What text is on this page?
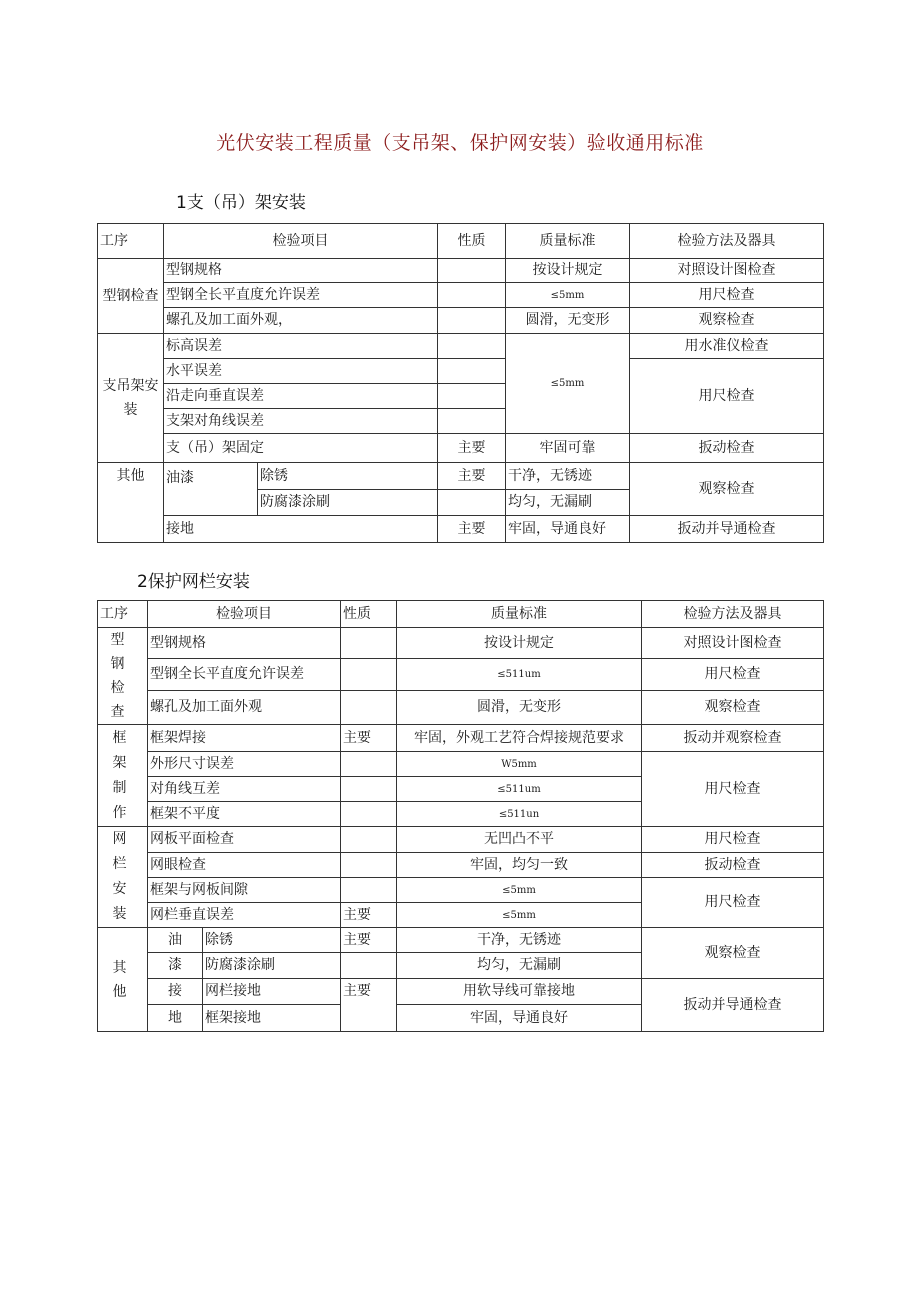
光伏安装工程质量（支吊架、保护网安装）验收通用标准
1支（吊）架安装
工序	检验项目		性质	质量标准	检验方法及器具
型钢检查	型钢规格			按设计规定	对照设计图检查
	型钢全长平直度允许误差			≤5mm	用尺检查
	螺孔及加工面外观，			圆滑，无变形	观察检查
支吊架安装	标高误差			≤5mm	用水准仪检查
	水平误差				用尺检查
	沿走向垂直误差				
	支架对角线误差				
	支（吊）架固定		主要	牢固可靠	扳动检查
其他	油漆	除锈	主要	干净，无锈迹	观察检查
		防腐漆涂刷		均匀，无漏刷	
	接地		主要	牢固，导通良好	扳动并导通检查
2保护网栏安装
工序	检验项目		性质	质量标准	检验方法及器具
型钢检查	型钢规格			按设计规定	对照设计图检查
	型钢全长平直度允许误差			≤511um	用尺检查
	螺孔及加工面外观			圆滑，无变形	观察检查
框架制作	框架焊接		主要	牢固，外观工艺符合焊接规范要求	扳动并观察检查
	外形尺寸误差			W5mm	用尺检查
	对角线互差			≤511um	
	框架不平度			≤511un	
网栏安装	网板平面检查			无凹凸不平	用尺检查
	网眼检查			牢固，均匀一致	扳动检查
	框架与网板间隙			≤5mm	用尺检查
	网栏垂直误差		主要	≤5mm	
其他	油	除锈	主要	干净，无锈迹	观察检查
	漆	防腐漆涂刷		均匀，无漏刷	
	接	网栏接地	主要	用软导线可靠接地	扳动并导通检查
	地	框架接地		牢固，导通良好	
